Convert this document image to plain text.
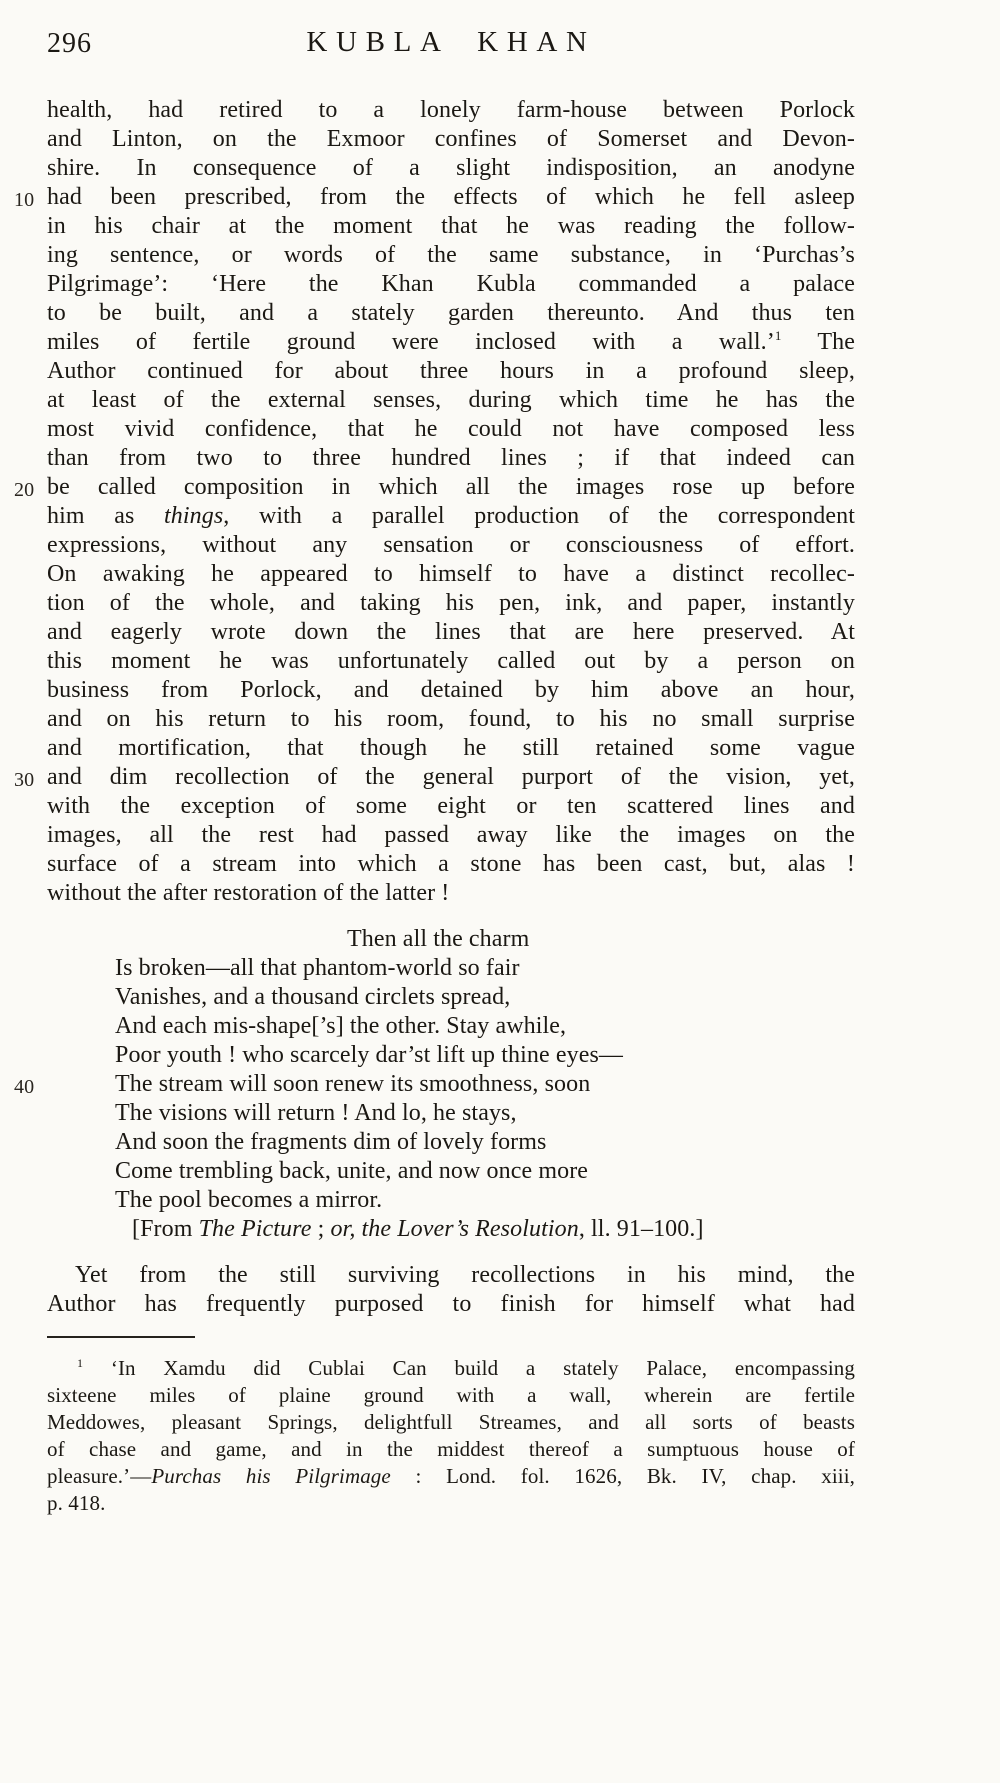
296	KUBLA KHAN
health, had retired to a lonely farm-house between Porlock
and Linton, on the Exmoor confines of Somerset and Devon-
shire. In consequence of a slight indisposition, an anodyne
10 had been prescribed, from the effects of which he fell asleep
in his chair at the moment that he was reading the follow-
ing sentence, or words of the same substance, in ‘Purchas’s
Pilgrimage’: ‘Here the Khan Kubla commanded a palace
to be built, and a stately garden thereunto. And thus ten
miles of fertile ground were inclosed with a wall.’$^1$ The
Author continued for about three hours in a profound sleep,
at least of the external senses, during which time he has the
most vivid confidence, that he could not have composed less
than from two to three hundred lines ; if that indeed can
20 be called composition in which all the images rose up before
him as things, with a parallel production of the correspondent
expressions, without any sensation or consciousness of effort.
On awaking he appeared to himself to have a distinct recollec-
tion of the whole, and taking his pen, ink, and paper, instantly
and eagerly wrote down the lines that are here preserved. At
this moment he was unfortunately called out by a person on
business from Porlock, and detained by him above an hour,
and on his return to his room, found, to his no small surprise
and mortification, that though he still retained some vague
30 and dim recollection of the general purport of the vision, yet,
with the exception of some eight or ten scattered lines and
images, all the rest had passed away like the images on the
surface of a stream into which a stone has been cast, but, alas !
without the after restoration of the latter !
Then all the charm
Is broken—all that phantom-world so fair
Vanishes, and a thousand circlets spread,
And each mis-shape[’s] the other. Stay awhile,
Poor youth ! who scarcely dar’st lift up thine eyes—
40	The stream will soon renew its smoothness, soon
The visions will return ! And lo, he stays,
And soon the fragments dim of lovely forms
Come trembling back, unite, and now once more
The pool becomes a mirror.
[From The Picture ; or, the Lover’s Resolution, ll. 91–100.]
Yet from the still surviving recollections in his mind, the
Author has frequently purposed to finish for himself what had
$^1$ ‘In Xamdu did Cublai Can build a stately Palace, encompassing
sixteene miles of plaine ground with a wall, wherein are fertile
Meddowes, pleasant Springs, delightfull Streames, and all sorts of beasts
of chase and game, and in the middest thereof a sumptuous house of
pleasure.’—Purchas his Pilgrimage : Lond. fol. 1626, Bk. IV, chap. xiii,
p. 418.
